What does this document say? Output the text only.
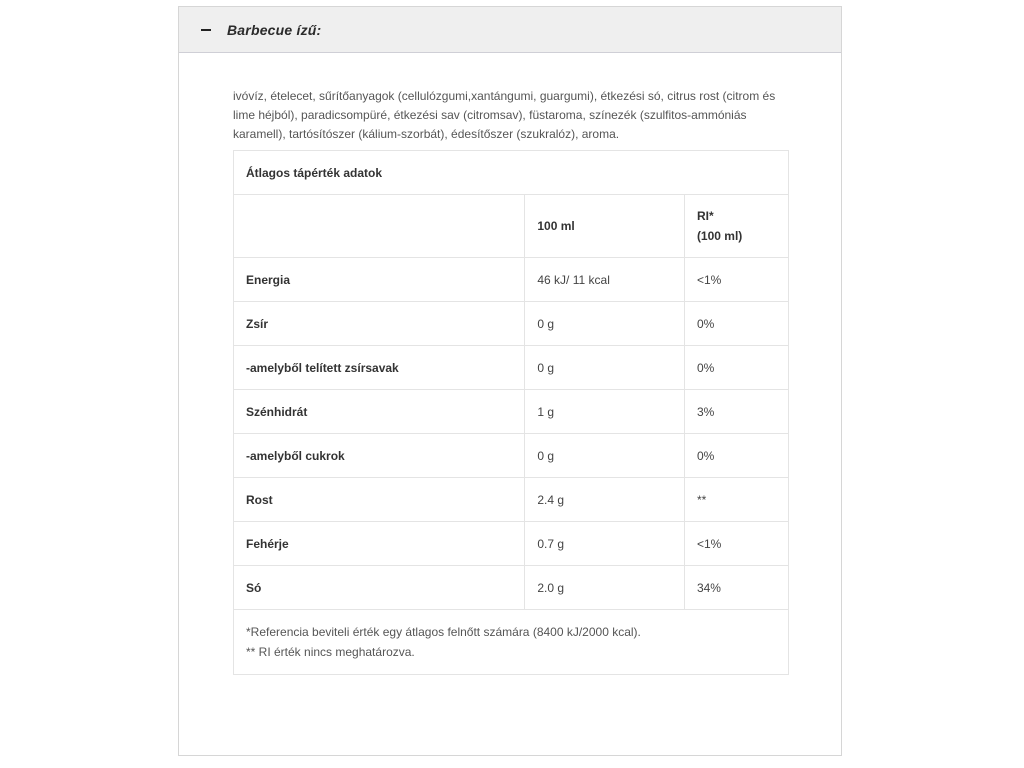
Barbecue ízű:

ivóvíz, ételecet, sűrítőanyagok (cellulózgumi,xantángumi, guargumi), étkezési só, citrus rost (citrom és lime héjból), paradicsompüré, étkezési sav (citromsav), füstaroma, színezék (szulfitos-ammóniás karamell), tartósítószer (kálium-szorbát), édesítőszer (szukralóz), aroma.

Átlagos tápérték adatok		
	100 ml	RI*
(100 ml)

Energia	46 kJ/ 11 kcal	<1%
Zsír	0 g	0%
-amelyből telített zsírsavak	0 g	0%
Szénhidrát	1 g	3%
-amelyből cukrok	0 g	0%
Rost	2.4 g	**
Fehérje	0.7 g	<1%
Só	2.0 g	34%

*Referencia beviteli érték egy átlagos felnőtt számára (8400 kJ/2000 kcal).
** RI érték nincs meghatározva.		
